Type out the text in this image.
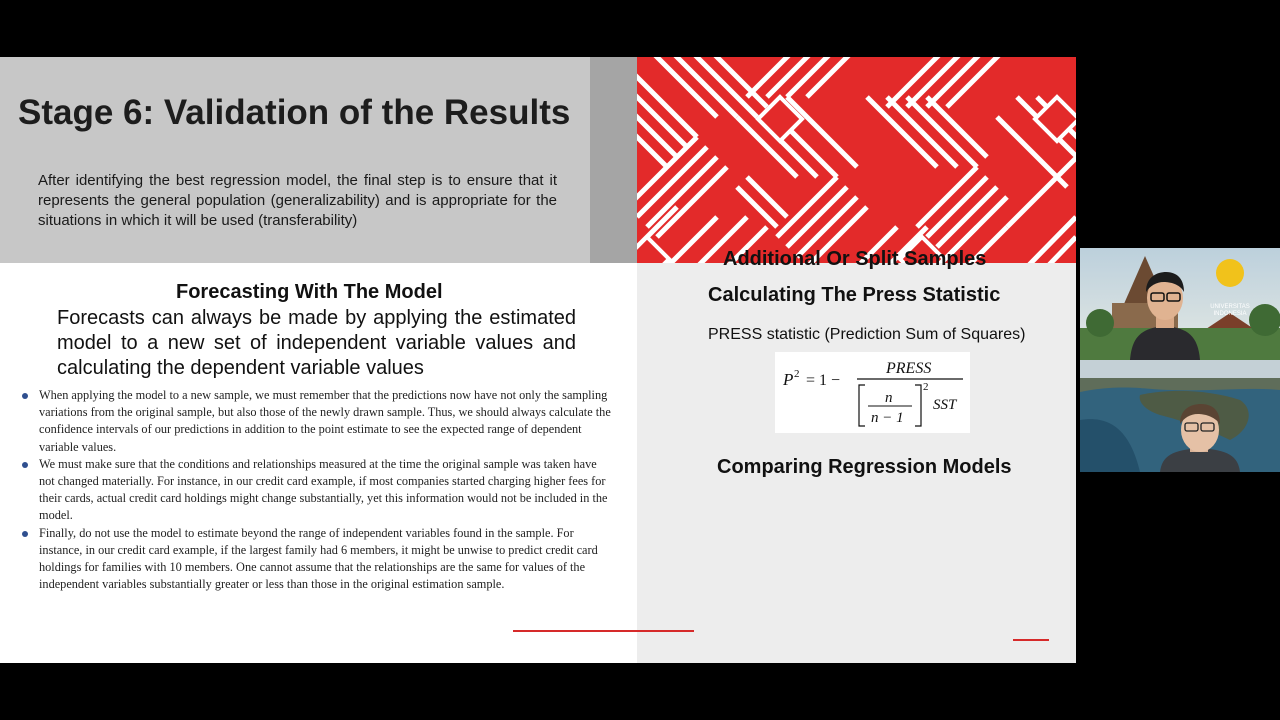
Stage 6: Validation of the Results
After identifying the best regression model, the final step is to ensure that it represents the general population (generalizability) and is appropriate for the situations in which it will be used (transferability)
Forecasting With The Model
Forecasts can always be made by applying the estimated model to a new set of independent variable values and calculating the dependent variable values
When applying the model to a new sample, we must remember that the predictions now have not only the sampling variations from the original sample, but also those of the newly drawn sample. Thus, we should always calculate the confidence intervals of our predictions in addition to the point estimate to see the expected range of dependent variable values.
We must make sure that the conditions and relationships measured at the time the original sample was taken have not changed materially. For instance, in our credit card example, if most companies started charging higher fees for their cards, actual credit card holdings might change substantially, yet this information would not be included in the model.
Finally, do not use the model to estimate beyond the range of independent variables found in the sample. For instance, in our credit card example, if the largest family had 6 members, it might be unwise to predict credit card holdings for families with 10 members. One cannot assume that the relationships are the same for values of the independent variables substantially greater or less than those in the original estimation sample.
Additional Or Split Samples
Calculating The Press Statistic
PRESS statistic (Prediction Sum of Squares)
P 2 = 1 −
PRESS
n
n − 1
2
SST
Comparing Regression Models
UNIVERSITAS
INDONESIA
